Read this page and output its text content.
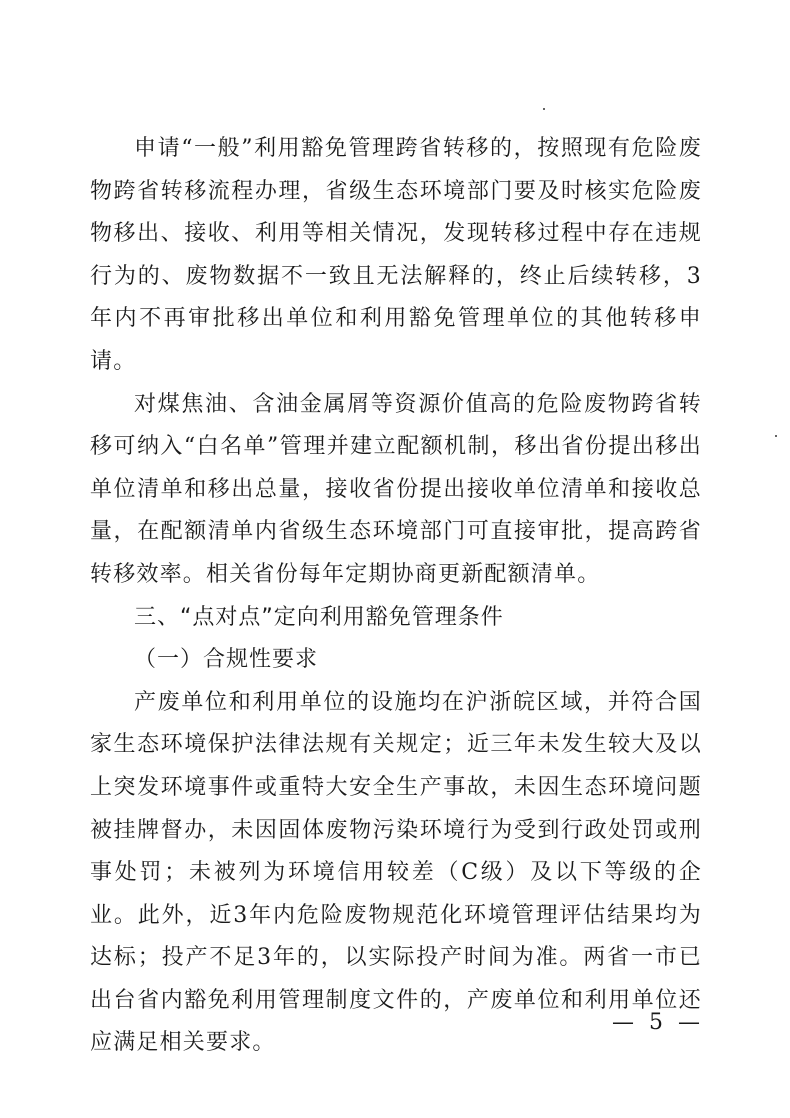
申请“一般”利用豁免管理跨省转移的，按照现有危险废物跨省转移流程办理，省级生态环境部门要及时核实危险废物移出、接收、利用等相关情况，发现转移过程中存在违规行为的、废物数据不一致且无法解释的，终止后续转移，3年内不再审批移出单位和利用豁免管理单位的其他转移申请。

对煤焦油、含油金属屑等资源价值高的危险废物跨省转移可纳入“白名单”管理并建立配额机制，移出省份提出移出单位清单和移出总量，接收省份提出接收单位清单和接收总量，在配额清单内省级生态环境部门可直接审批，提高跨省转移效率。相关省份每年定期协商更新配额清单。

三、“点对点”定向利用豁免管理条件

（一）合规性要求

产废单位和利用单位的设施均在沪浙皖区域，并符合国家生态环境保护法律法规有关规定；近三年未发生较大及以上突发环境事件或重特大安全生产事故，未因生态环境问题被挂牌督办，未因固体废物污染环境行为受到行政处罚或刑事处罚；未被列为环境信用较差（C级）及以下等级的企业。此外，近3年内危险废物规范化环境管理评估结果均为达标；投产不足3年的，以实际投产时间为准。两省一市已出台省内豁免利用管理制度文件的，产废单位和利用单位还应满足相关要求。

— 5 —
